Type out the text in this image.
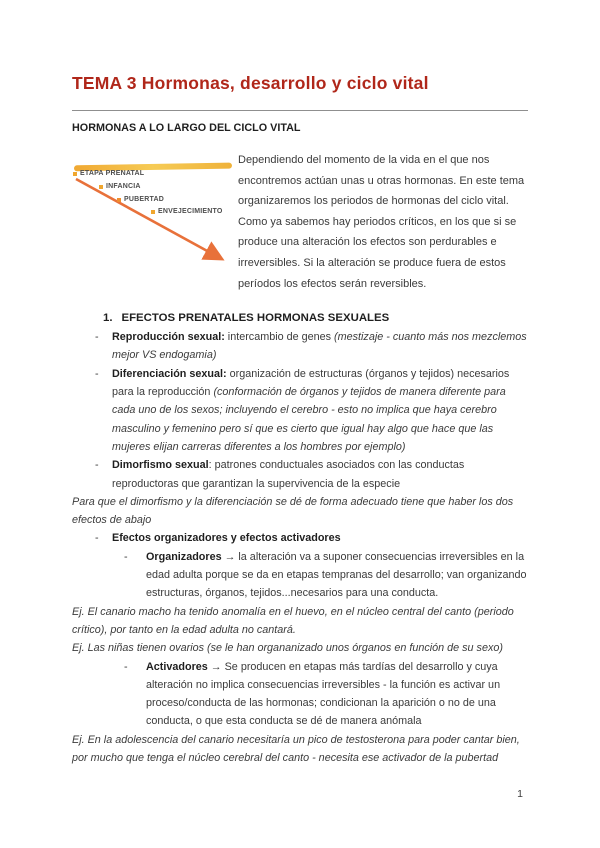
TEMA 3 Hormonas, desarrollo y ciclo vital
HORMONAS A LO LARGO DEL CICLO VITAL
ETAPA PRENATAL
INFANCIA
PUBERTAD
ENVEJECIMIENTO

Dependiendo del momento de la vida en el que nos encontremos actúan unas u otras hormonas. En este tema organizaremos los periodos de hormonas del ciclo vital.

Como ya sabemos hay periodos críticos, en los que si se produce una alteración los efectos son perdurables e irreversibles. Si la alteración se produce fuera de estos períodos los efectos serán reversibles.

1. EFECTOS PRENATALES HORMONAS SEXUALES
- Reproducción sexual: intercambio de genes (mestizaje - cuanto más nos mezclemos mejor VS endogamia)
- Diferenciación sexual: organización de estructuras (órganos y tejidos) necesarios para la reproducción (conformación de órganos y tejidos de manera diferente para cada uno de los sexos; incluyendo el cerebro - esto no implica que haya cerebro masculino y femenino pero sí que es cierto que igual hay algo que hace que las mujeres elijan carreras diferentes a los hombres por ejemplo)
- Dimorfismo sexual: patrones conductuales asociados con las conductas reproductoras que garantizan la supervivencia de la especie

Para que el dimorfismo y la diferenciación se dé de forma adecuado tiene que haber los dos efectos de abajo

- Efectos organizadores y efectos activadores
- Organizadores → la alteración va a suponer consecuencias irreversibles en la edad adulta porque se da en etapas tempranas del desarrollo; van organizando estructuras, órganos, tejidos...necesarios para una conducta.

Ej. El canario macho ha tenido anomalía en el huevo, en el núcleo central del canto (periodo crítico), por tanto en la edad adulta no cantará.

Ej. Las niñas tienen ovarios (se le han organanizado unos órganos en función de su sexo)

- Activadores → Se producen en etapas más tardías del desarrollo y cuya alteración no implica consecuencias irreversibles - la función es activar un proceso/conducta de las hormonas; condicionan la aparición o no de una conducta, o que esta conducta se dé de manera anómala

Ej. En la adolescencia del canario necesitaría un pico de testosterona para poder cantar bien, por mucho que tenga el núcleo cerebral del canto - necesita ese activador de la pubertad

1
